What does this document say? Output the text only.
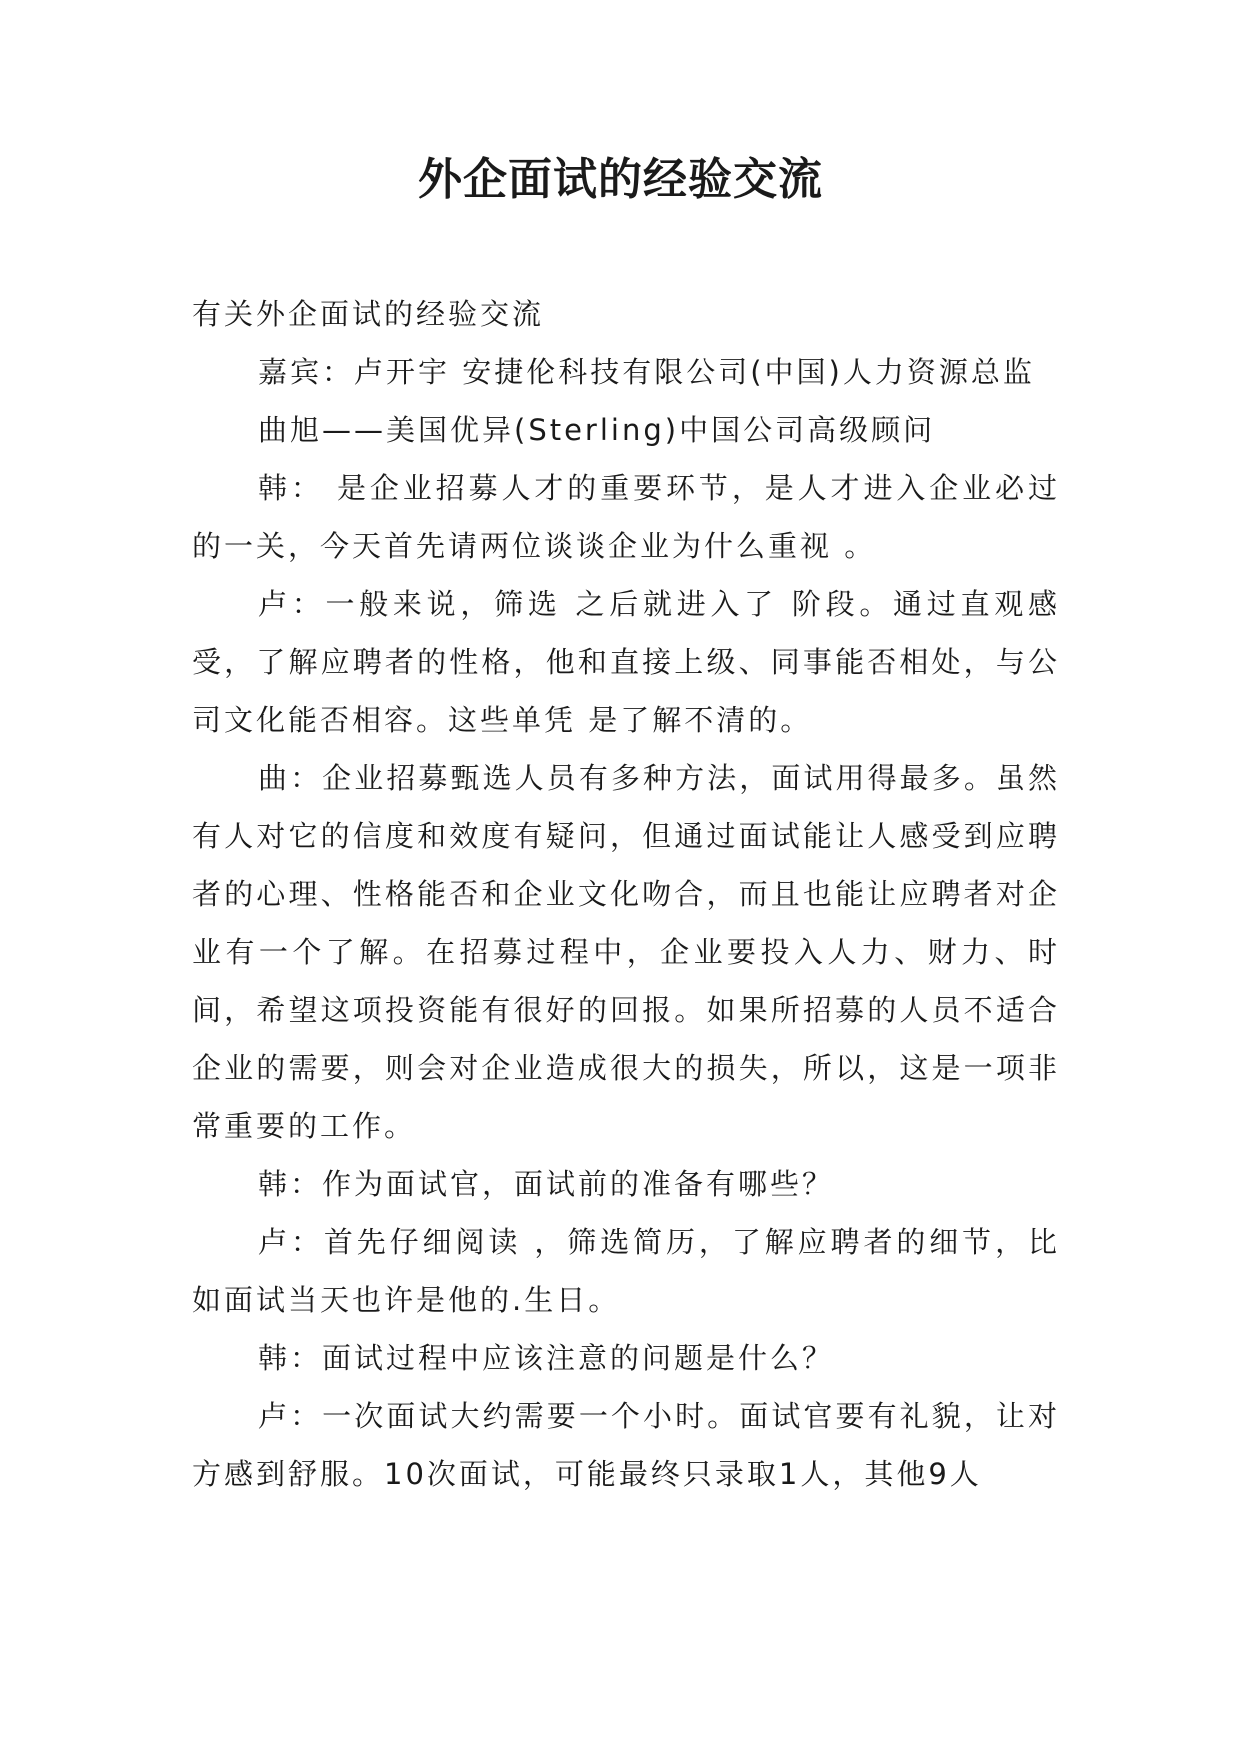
外企面试的经验交流

有关外企面试的经验交流

嘉宾：卢开宇 安捷伦科技有限公司(中国)人力资源总监

曲旭——美国优异(Sterling)中国公司高级顾问

韩： 是企业招募人才的重要环节，是人才进入企业必过的一关，今天首先请两位谈谈企业为什么重视 。

卢：一般来说，筛选 之后就进入了 阶段。通过直观感受，了解应聘者的性格，他和直接上级、同事能否相处，与公司文化能否相容。这些单凭 是了解不清的。

曲：企业招募甄选人员有多种方法，面试用得最多。虽然有人对它的信度和效度有疑问，但通过面试能让人感受到应聘者的心理、性格能否和企业文化吻合，而且也能让应聘者对企业有一个了解。在招募过程中，企业要投入人力、财力、时间，希望这项投资能有很好的回报。如果所招募的人员不适合企业的需要，则会对企业造成很大的损失，所以，这是一项非常重要的工作。

韩：作为面试官，面试前的准备有哪些？

卢：首先仔细阅读 ，筛选简历，了解应聘者的细节，比如面试当天也许是他的.生日。

韩：面试过程中应该注意的问题是什么？

卢：一次面试大约需要一个小时。面试官要有礼貌，让对方感到舒服。10次面试，可能最终只录取1人，其他9人
